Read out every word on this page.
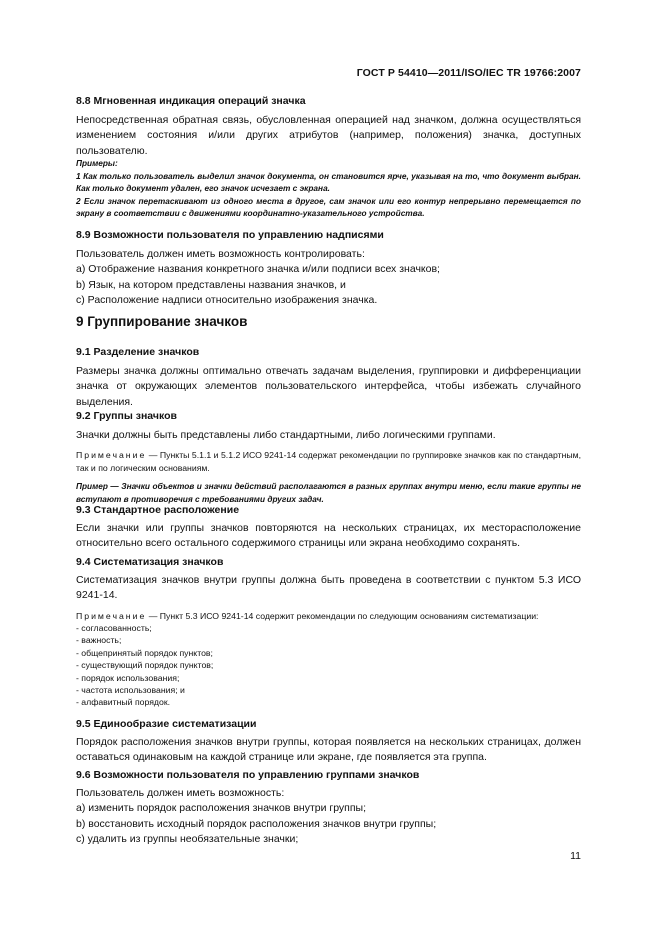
ГОСТ Р 54410—2011/ISO/IEC TR 19766:2007
8.8 Мгновенная индикация операций значка

Непосредственная обратная связь, обусловленная операцией над значком, должна осуществляться изменением состояния и/или других атрибутов (например, положения) значка, доступных пользователю.

Примеры:

1 Как только пользователь выделил значок документа, он становится ярче, указывая на то, что документ выбран. Как только документ удален, его значок исчезает с экрана.

2 Если значок перетаскивают из одного места в другое, сам значок или его контур непрерывно перемещается по экрану в соответствии с движениями координатно-указательного устройства.

8.9 Возможности пользователя по управлению надписями

Пользователь должен иметь возможность контролировать:

a) Отображение названия конкретного значка и/или подписи всех значков;

b) Язык, на котором представлены названия значков, и

c) Расположение надписи относительно изображения значка.

9 Группирование значков
9.1 Разделение значков

Размеры значка должны оптимально отвечать задачам выделения, группировки и дифференциации значка от окружающих элементов пользовательского интерфейса, чтобы избежать случайного выделения.

9.2 Группы значков

Значки должны быть представлены либо стандартными, либо логическими группами.

Примечание — Пункты 5.1.1 и 5.1.2 ИСО 9241-14 содержат рекомендации по группировке значков как по стандартным, так и по логическим основаниям.

Пример — Значки объектов и значки действий располагаются в разных группах внутри меню, если такие группы не вступают в противоречия с требованиями других задач.

9.3 Стандартное расположение

Если значки или группы значков повторяются на нескольких страницах, их месторасположение относительно всего остального содержимого страницы или экрана необходимо сохранять.

9.4 Систематизация значков

Систематизация значков внутри группы должна быть проведена в соответствии с пунктом 5.3 ИСО 9241-14.

Примечание — Пункт 5.3 ИСО 9241-14 содержит рекомендации по следующим основаниям систематизации:

- согласованность;
- важность;
- общепринятый порядок пунктов;
- существующий порядок пунктов;
- порядок использования;
- частота использования; и
- алфавитный порядок.
9.5 Единообразие систематизации

Порядок расположения значков внутри группы, которая появляется на нескольких страницах, должен оставаться одинаковым на каждой странице или экране, где появляется эта группа.

9.6 Возможности пользователя по управлению группами значков

Пользователь должен иметь возможность:

a) изменить порядок расположения значков внутри группы;

b) восстановить исходный порядок расположения значков внутри группы;

c) удалить из группы необязательные значки;

11
